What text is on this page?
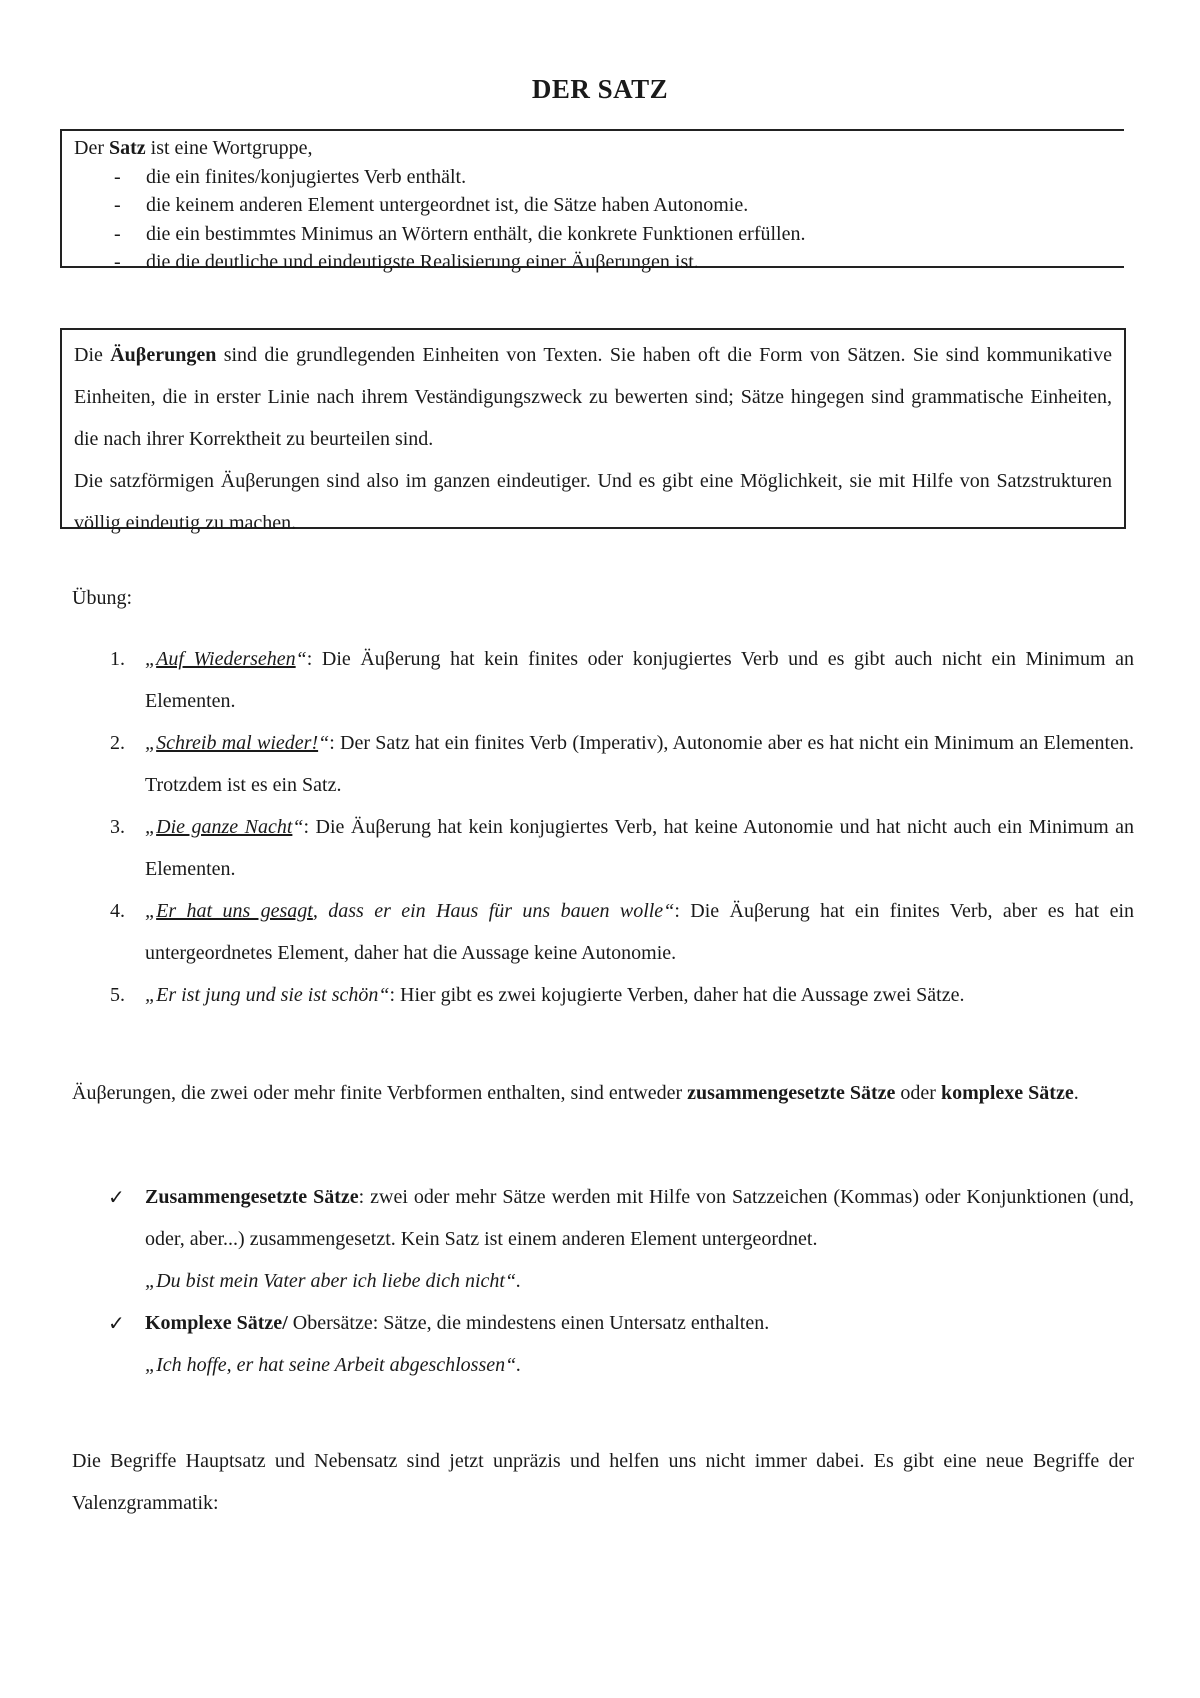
DER SATZ

Der Satz ist eine Wortgruppe,

- die ein finites/konjugiertes Verb enthält.
- die keinem anderen Element untergeordnet ist, die Sätze haben Autonomie.
- die ein bestimmtes Minimus an Wörtern enthält, die konkrete Funktionen erfüllen.
- die die deutliche und eindeutigste Realisierung einer Äuβerungen ist.

Die Äuβerungen sind die grundlegenden Einheiten von Texten. Sie haben oft die Form von Sätzen. Sie sind kommunikative Einheiten, die in erster Linie nach ihrem Veständigungszweck zu bewerten sind; Sätze hingegen sind grammatische Einheiten, die nach ihrer Korrektheit zu beurteilen sind.

Die satzförmigen Äuβerungen sind also im ganzen eindeutiger. Und es gibt eine Möglichkeit, sie mit Hilfe von Satzstrukturen völlig eindeutig zu machen.

Übung:
1. „Auf Wiedersehen“: Die Äuβerung hat kein finites oder konjugiertes Verb und es gibt auch nicht ein Minimum an Elementen.
2. „Schreib mal wieder!“: Der Satz hat ein finites Verb (Imperativ), Autonomie aber es hat nicht ein Minimum an Elementen. Trotzdem ist es ein Satz.
3. „Die ganze Nacht“: Die Äuβerung hat kein konjugiertes Verb, hat keine Autonomie und hat nicht auch ein Minimum an Elementen.
4. „Er hat uns gesagt, dass er ein Haus für uns bauen wolle“: Die Äuβerung hat ein finites Verb, aber es hat ein untergeordnetes Element, daher hat die Aussage keine Autonomie.
5. „Er ist jung und sie ist schön“: Hier gibt es zwei kojugierte Verben, daher hat die Aussage zwei Sätze.

Äuβerungen, die zwei oder mehr finite Verbformen enthalten, sind entweder zusammengesetzte Sätze oder komplexe Sätze.

✓ Zusammengesetzte Sätze: zwei oder mehr Sätze werden mit Hilfe von Satzzeichen (Kommas) oder Konjunktionen (und, oder, aber...) zusammengesetzt. Kein Satz ist einem anderen Element untergeordnet.
„Du bist mein Vater aber ich liebe dich nicht“.
✓ Komplexe Sätze/ Obersätze: Sätze, die mindestens einen Untersatz enthalten.
„Ich hoffe, er hat seine Arbeit abgeschlossen“.

Die Begriffe Hauptsatz und Nebensatz sind jetzt unpräzis und helfen uns nicht immer dabei. Es gibt eine neue Begriffe der Valenzgrammatik:
